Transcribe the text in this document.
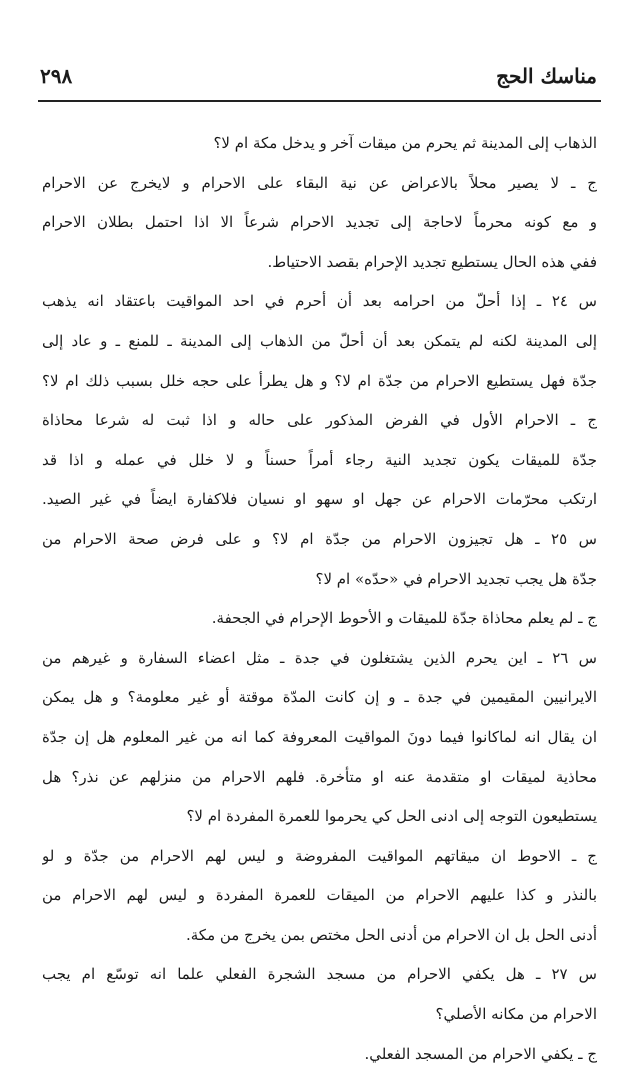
مناسك الحج
٢٩٨
الذهاب إلى المدينة ثم يحرم من ميقات آخر و يدخل مكة ام لا؟
ج ـ لا يصير محلاً بالاعراض عن نية البقاء على الاحرام و لايخرج عن الاحرام
و مع كونه محرماً لاحاجة إلى تجديد الاحرام شرعاً الا اذا احتمل بطلان الاحرام
ففي هذه الحال يستطيع تجديد الإحرام بقصد الاحتياط.
س ٢٤ ـ إذا أحلّ من احرامه بعد أن أحرم في احد المواقيت باعتقاد انه يذهب
إلى المدينة لكنه لم يتمكن بعد أن أحلّ من الذهاب إلى المدينة ـ للمنع ـ و عاد إلى
جدّة فهل يستطيع الاحرام من جدّة ام لا؟ و هل يطرأ على حجه خلل بسبب ذلك ام لا؟
ج ـ الاحرام الأول في الفرض المذكور على حاله و اذا ثبت له شرعا محاذاة
جدّة للميقات يكون تجديد النية رجاء أمراً حسناً و لا خلل في عمله و اذا قد
ارتكب محرّمات الاحرام عن جهل او سهو او نسيان فلاكفارة ايضاً في غير الصيد.
س ٢٥ ـ هل تجيزون الاحرام من جدّة ام لا؟ و على فرض صحة الاحرام من
جدّة هل يجب تجديد الاحرام في «حدّه» ام لا؟
ج ـ لم يعلم محاذاة جدّة للميقات و الأحوط الإحرام في الجحفة.
س ٢٦ ـ اين يحرم الذين يشتغلون في جدة ـ مثل اعضاء السفارة و غيرهم من
الايرانيين المقيمين في جدة ـ و إن كانت المدّة موقتة أو غير معلومة؟ و هل يمكن
ان يقال انه لماكانوا فيما دونَ المواقيت المعروفة كما انه من غير المعلوم هل إن جدّة
محاذية لميقات او متقدمة عنه او متأخرة. فلهم الاحرام من منزلهم عن نذر؟ هل
يستطيعون التوجه إلى ادنى الحل كي يحرموا للعمرة المفردة ام لا؟
ج ـ الاحوط ان ميقاتهم المواقيت المفروضة و ليس لهم الاحرام من جدّة و لو
بالنذر و كذا عليهم الاحرام من الميقات للعمرة المفردة و ليس لهم الاحرام من
أدنى الحل بل ان الاحرام من أدنى الحل مختص بمن يخرج من مكة.
س ٢٧ ـ هل يكفي الاحرام من مسجد الشجرة الفعلي علما انه توسّع ام يجب
الاحرام من مكانه الأصلي؟
ج ـ يكفي الاحرام من المسجد الفعلي.
